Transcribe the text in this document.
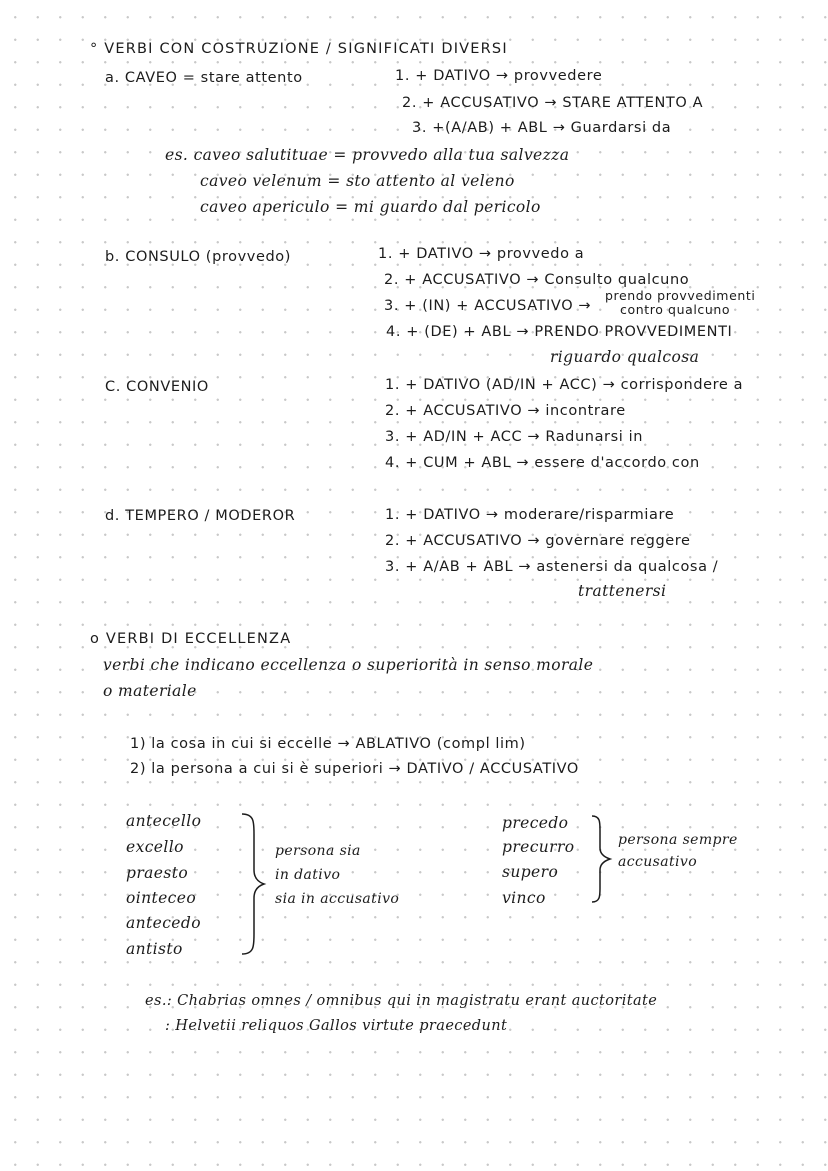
° VERBI CON COSTRUZIONE / SIGNIFICATI DIVERSI
a. CAVEO = stare attento	1. + DATIVO → provvedere
2. + ACCUSATIVO → STARE ATTENTO A
3. +(A/AB) + ABL → Guardarsi da
es. caveo salutituae = provvedo alla tua salvezza
caveo velenum = sto attento al veleno
caveo apericulo = mi guardo dal pericolo
b. CONSULO (provvedo)	1. + DATIVO → provvedo a
2. + ACCUSATIVO → Consulto qualcuno
3. + (IN) + ACCUSATIVO →
prendo provvedimenti
contro qualcuno
4. + (DE) + ABL → PRENDO PROVVEDIMENTI
riguardo qualcosa
C. CONVENIO	1. + DATIVO (AD/IN + ACC) → corrispondere a
2. + ACCUSATIVO → incontrare
3. + AD/IN + ACC → Radunarsi in
4. + CUM + ABL → essere d'accordo con
d. TEMPERO / MODEROR	1. + DATIVO → moderare/risparmiare
2. + ACCUSATIVO → governare reggere
3. + A/AB + ABL → astenersi da qualcosa /
trattenersi
o VERBI DI ECCELLENZA
verbi che indicano eccellenza o superiorità in senso morale
o materiale
1) la cosa in cui si eccelle → ABLATIVO (compl lim)
2) la persona a cui si è superiori → DATIVO / ACCUSATIVO
antecello
excello
praesto
ointeceo
antecedo
antisto
persona sia
in dativo
sia in accusativo
precedo
precurro
supero
vinco
persona sempre
accusativo
es.: Chabrias omnes / omnibus qui in magistratu erant auctoritate
: Helvetii reliquos Gallos virtute praecedunt
